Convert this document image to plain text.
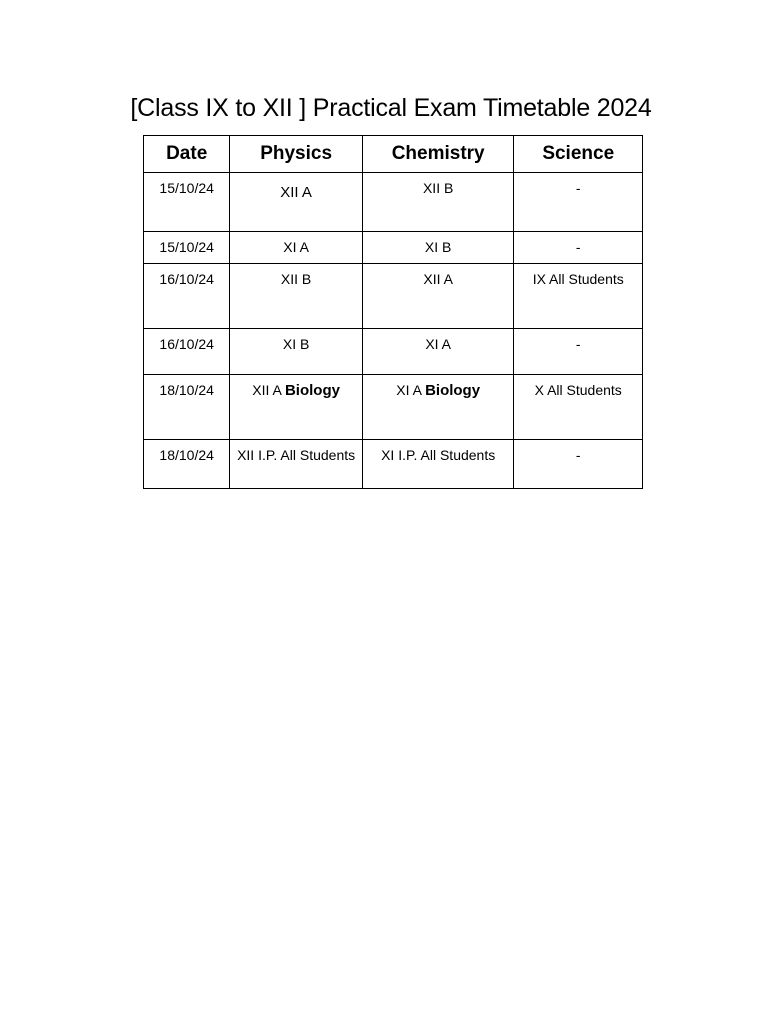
[Class IX to XII ] Practical Exam Timetable 2024
Date	Physics	Chemistry	Science
15/10/24	XII A	XII B	-
15/10/24	XI A	XI B	-
16/10/24	XII B	XII A	IX All Students
16/10/24	XI B	XI A	-
18/10/24	XII A Biology	XI A Biology	X All Students
18/10/24	XII I.P. All Students	XI I.P. All Students	-
